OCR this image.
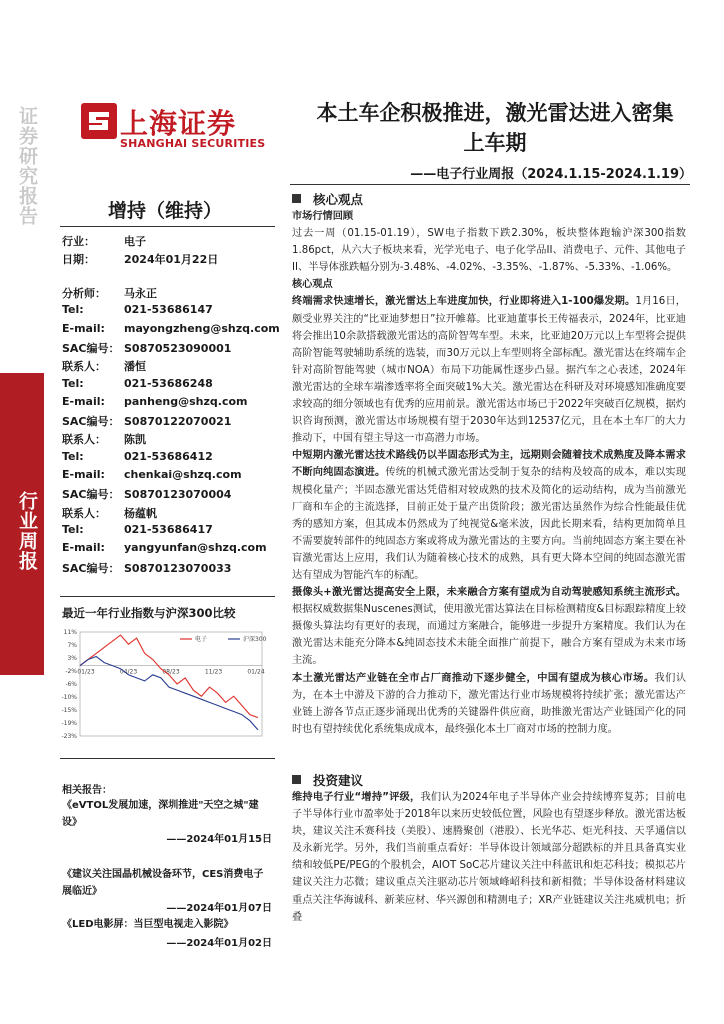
证券研究报告
行业周报
上海证券
SHANGHAI SECURITIES
本土车企积极推进，激光雷达进入密集
上车期
——电子行业周报（2024.1.15-2024.1.19）
增持（维持）
行业：	电子
日期：	2024年01月22日
分析师： 马永正
Tel:	021-53686147
E-mail: mayongzheng@shzq.com
SAC编号： S0870523090001
联系人： 潘恒
Tel:	021-53686248
E-mail: panheng@shzq.com
SAC编号： S0870122070021
联系人： 陈凯
Tel:	021-53686412
E-mail: chenkai@shzq.com
SAC编号： S0870123070004
联系人： 杨蕴帆
Tel:	021-53686417
E-mail: yangyunfan@shzq.com
SAC编号： S0870123070033
最近一年行业指数与沪深300比较
11%
7%
3%
-2%
-6%
-10%
-15%
-19%
-23%
01/23	04/23	08/23	11/23	01/24
电子	沪深300
相关报告：
《eVTOL发展加速，深圳推进"天空之城"建设》
——2024年01月15日
《建议关注国晶机械设备环节，CES消费电子展临近》
——2024年01月07日
《LED电影屏：当巨型电视走入影院》
——2024年01月02日
核心观点

市场行情回顾

过去一周（01.15-01.19），SW电子指数下跌2.30%，板块整体跑输沪深300指数1.86pct，从六大子板块来看，光学光电子、电子化学品II、消费电子、元件、其他电子II、半导体涨跌幅分别为-3.48%、-4.02%、-3.35%、-1.87%、-5.33%、-1.06%。

核心观点

终端需求快速增长，激光雷达上车进度加快，行业即将进入1-100爆发期。1月16日，颇受业界关注的“比亚迪梦想日”拉开帷幕。比亚迪董事长王传福表示，2024年，比亚迪将会推出10余款搭载激光雷达的高阶智驾车型。未来，比亚迪20万元以上车型将会提供高阶智能驾驶辅助系统的选装，而30万元以上车型则将全部标配。激光雷达在终端车企针对高阶智能驾驶（城市NOA）布局下功能属性逐步凸显。据汽车之心表述，2024年激光雷达的全球车端渗透率将全面突破1%大关。激光雷达在科研及对环境感知准确度要求较高的细分领域也有优秀的应用前景。激光雷达市场已于2022年突破百亿规模，据灼识咨询预测，激光雷达市场规模有望于2030年达到12537亿元，且在本土车厂的大力推动下，中国有望主导这一市高潜力市场。

中短期内激光雷达技术路线仍以半固态形式为主，远期则会随着技术成熟度及降本需求不断向纯固态演进。传统的机械式激光雷达受制于复杂的结构及较高的成本，难以实现规模化量产；半固态激光雷达凭借相对较成熟的技术及简化的运动结构，成为当前激光厂商和车企的主流选择，目前正处于量产出货阶段；激光雷达虽然作为综合性能最佳优秀的感知方案，但其成本仍然成为了纯视觉&毫米波，因此长期来看，结构更加简单且不需要旋转部件的纯固态方案或将成为激光雷达的主要方向。当前纯固态方案主要在补盲激光雷达上应用，我们认为随着核心技术的成熟，具有更大降本空间的纯固态激光雷达有望成为智能汽车的标配。

摄像头+激光雷达提高安全上限，未来融合方案有望成为自动驾驶感知系统主流形式。根据权威数据集Nuscenes测试，使用激光雷达算法在目标检测精度&目标跟踪精度上较摄像头算法均有更好的表现，而通过方案融合，能够进一步提升方案精度。我们认为在激光雷达未能充分降本&纯固态技术未能全面推广前提下，融合方案有望成为未来市场主流。

本土激光雷达产业链在全市占厂商推动下逐步健全，中国有望成为核心市场。我们认为，在本土中游及下游的合力推动下，激光雷达行业市场规模将持续扩张；激光雷达产业链上游各节点正逐步涌现出优秀的关键器件供应商，助推激光雷达产业链国产化的同时也有望持续优化系统集成成本，最终强化本土厂商对市场的控制力度。

投资建议

维持电子行业“增持”评级，我们认为2024年电子半导体产业会持续博弈复苏；目前电子半导体行业市盈率处于2018年以来历史较低位置，风险也有望逐步释放。激光雷达板块，建议关注禾赛科技（美股）、速腾聚创（港股）、长光华芯、炬光科技、天孚通信以及永新光学。另外，我们当前重点看好：半导体设计领域部分超跌标的并且具备真实业绩和较低PE/PEG的个股机会，AIOT SoC芯片建议关注中科蓝讯和炬芯科技；模拟芯片建议关注力芯微；建议重点关注驱动芯片领域峰岹科技和新相微；半导体设备材料建议重点关注华海诚科、新莱应材、华兴源创和精测电子；XR产业链建议关注兆威机电；折叠
